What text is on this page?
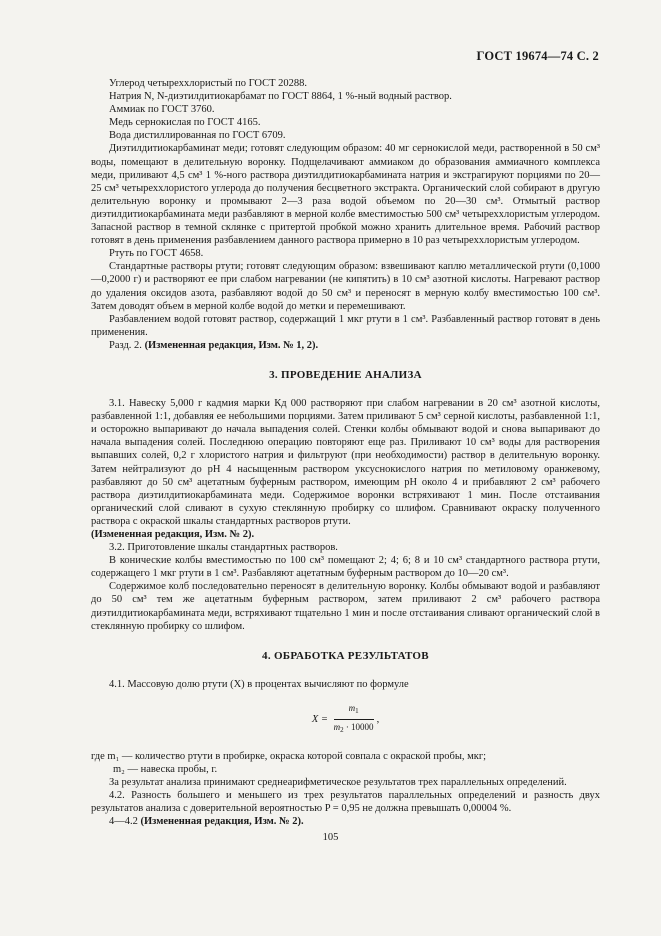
ГОСТ 19674—74 С. 2

Углерод четыреххлористый по ГОСТ 20288.

Натрия N, N-диэтилдитиокарбамат по ГОСТ 8864, 1 %-ный водный раствор.

Аммиак по ГОСТ 3760.

Медь сернокислая по ГОСТ 4165.

Вода дистиллированная по ГОСТ 6709.

Диэтилдитиокарбаминат меди; готовят следующим образом: 40 мг сернокислой меди, растворенной в 50 см³ воды, помещают в делительную воронку. Подщелачивают аммиаком до образования аммиачного комплекса меди, приливают 4,5 см³ 1 %-ного раствора диэтилдитиокарбамината натрия и экстрагируют порциями по 20—25 см³ четыреххлористого углерода до получения бесцветного экстракта. Органический слой собирают в другую делительную воронку и промывают 2—3 раза водой объемом по 20—30 см³. Отмытый раствор диэтилдитиокарбамината меди разбавляют в мерной колбе вместимостью 500 см³ четыреххлористым углеродом. Запасной раствор в темной склянке с притертой пробкой можно хранить длительное время. Рабочий раствор готовят в день применения разбавлением данного раствора примерно в 10 раз четыреххлористым углеродом.

Ртуть по ГОСТ 4658.

Стандартные растворы ртути; готовят следующим образом: взвешивают каплю металлической ртути (0,1000—0,2000 г) и растворяют ее при слабом нагревании (не кипятить) в 10 см³ азотной кислоты. Нагревают раствор до удаления оксидов азота, разбавляют водой до 50 см³ и переносят в мерную колбу вместимостью 100 см³. Затем доводят объем в мерной колбе водой до метки и перемешивают.

Разбавлением водой готовят раствор, содержащий 1 мкг ртути в 1 см³. Разбавленный раствор готовят в день применения.

Разд. 2. (Измененная редакция, Изм. № 1, 2).

3. ПРОВЕДЕНИЕ АНАЛИЗА

3.1. Навеску 5,000 г кадмия марки Кд 000 растворяют при слабом нагревании в 20 см³ азотной кислоты, разбавленной 1:1, добавляя ее небольшими порциями. Затем приливают 5 см³ серной кислоты, разбавленной 1:1, и осторожно выпаривают до начала выпадения солей. Стенки колбы обмывают водой и снова выпаривают до начала выпадения солей. Последнюю операцию повторяют еще раз. Приливают 10 см³ воды для растворения выпавших солей, 0,2 г хлористого натрия и фильтруют (при необходимости) раствор в делительную воронку. Затем нейтрализуют до pH 4 насыщенным раствором уксуснокислого натрия по метиловому оранжевому, разбавляют до 50 см³ ацетатным буферным раствором, имеющим pH около 4 и прибавляют 2 см³ рабочего раствора диэтилдитиокарбамината меди. Содержимое воронки встряхивают 1 мин. После отстаивания органический слой сливают в сухую стеклянную пробирку со шлифом. Сравнивают окраску полученного раствора с окраской шкалы стандартных растворов ртути.

(Измененная редакция, Изм. № 2).

3.2. Приготовление шкалы стандартных растворов.

В конические колбы вместимостью по 100 см³ помещают 2; 4; 6; 8 и 10 см³ стандартного раствора ртути, содержащего 1 мкг ртути в 1 см³. Разбавляют ацетатным буферным раствором до 10—20 см³.

Содержимое колб последовательно переносят в делительную воронку. Колбы обмывают водой и разбавляют до 50 см³ тем же ацетатным буферным раствором, затем приливают 2 см³ рабочего раствора диэтилдитиокарбамината меди, встряхивают тщательно 1 мин и после отстаивания сливают органический слой в стеклянную пробирку со шлифом.

4. ОБРАБОТКА РЕЗУЛЬТАТОВ

4.1. Массовую долю ртути (X) в процентах вычисляют по формуле

$X = \frac{m_1}{m_2 \cdot 10000}$ ,

где m₁ — количество ртути в пробирке, окраска которой совпала с окраской пробы, мкг;

m₂ — навеска пробы, г.

За результат анализа принимают среднеарифметическое результатов трех параллельных определений.

4.2. Разность большего и меньшего из трех результатов параллельных определений и разность двух результатов анализа с доверительной вероятностью P = 0,95 не должна превышать 0,00004 %.

4—4.2 (Измененная редакция, Изм. № 2).

105
